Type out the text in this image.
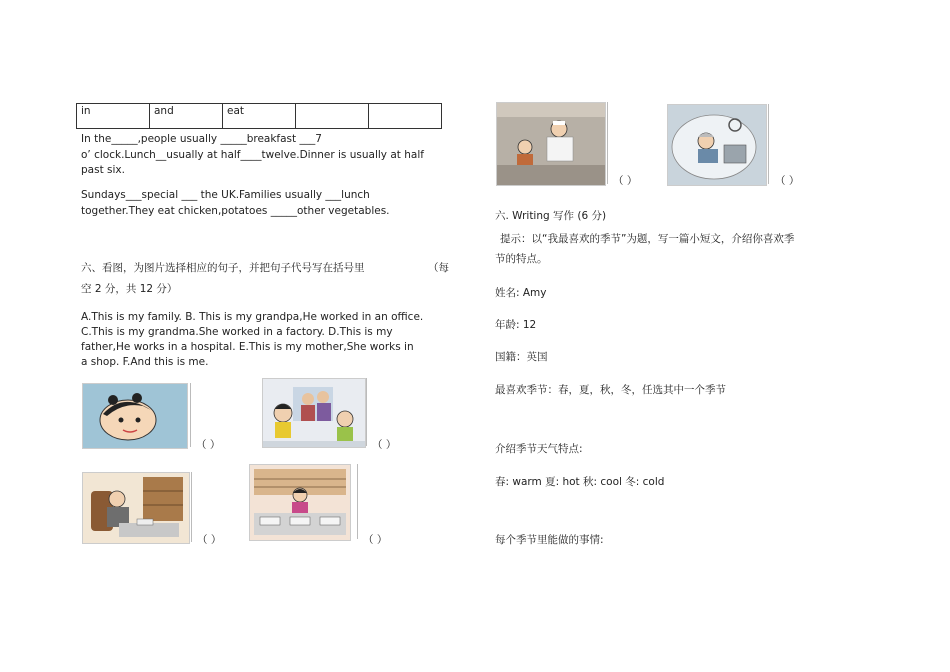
in	and	eat		
In the_____,people usually _____breakfast ___7
o’ clock.Lunch__usually at half____twelve.Dinner is usually at half
past six.
Sundays___special ___ the UK.Families usually ___lunch
together.They eat chicken,potatoes _____other vegetables.
六、看图，为图片选择相应的句子，并把句子代号写在括号里	（每
空 2 分，共 12 分）
A.This is my family. B. This is my grandpa,He worked in an office.
C.This is my grandma.She worked in a factory. D.This is my
father,He works in a hospital. E.This is my mother,She works in
a shop. F.And this is me.
（ ）	（ ）
（ ）	（ ）
（ ）	（ ）
六. Writing 写作 (6 分)
提示：以“我最喜欢的季节”为题，写一篇小短文，介绍你喜欢季
节的特点。
姓名: Amy
年龄: 12
国籍：英国
最喜欢季节：春，夏，秋，冬，任选其中一个季节
介绍季节天气特点:
春: warm 夏: hot 秋: cool 冬: cold
每个季节里能做的事情:
